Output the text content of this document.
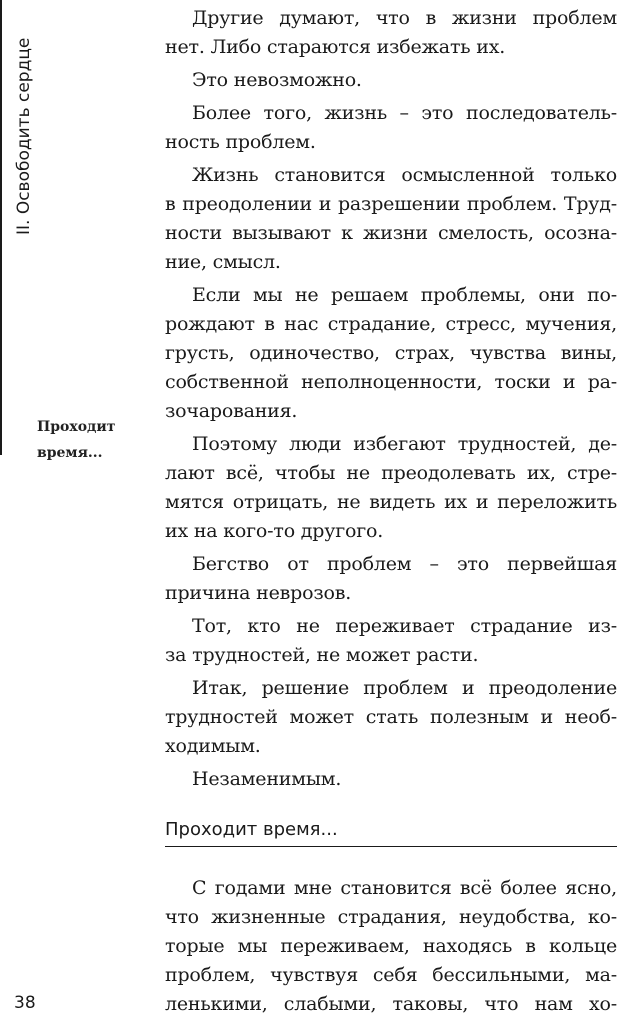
II. Освободить сердце
Проходит
время...
Другие думают, что в жизни проблем
нет. Либо стараются избежать их.
Это невозможно.
Более того, жизнь – это последователь-
ность проблем.
Жизнь становится осмысленной только
в преодолении и разрешении проблем. Труд-
ности вызывают к жизни смелость, осозна-
ние, смысл.
Если мы не решаем проблемы, они по-
рождают в нас страдание, стресс, мучения,
грусть, одиночество, страх, чувства вины,
собственной неполноценности, тоски и ра-
зочарования.
Поэтому люди избегают трудностей, де-
лают всё, чтобы не преодолевать их, стре-
мятся отрицать, не видеть их и переложить
их на кого-то другого.
Бегство от проблем – это первейшая
причина неврозов.
Тот, кто не переживает страдание из-
за трудностей, не может расти.
Итак, решение проблем и преодоление
трудностей может стать полезным и необ-
ходимым.
Незаменимым.
Проходит время...
С годами мне становится всё более ясно,
что жизненные страдания, неудобства, ко-
торые мы переживаем, находясь в кольце
проблем, чувствуя себя бессильными, ма-
ленькими, слабыми, таковы, что нам хо-
38
